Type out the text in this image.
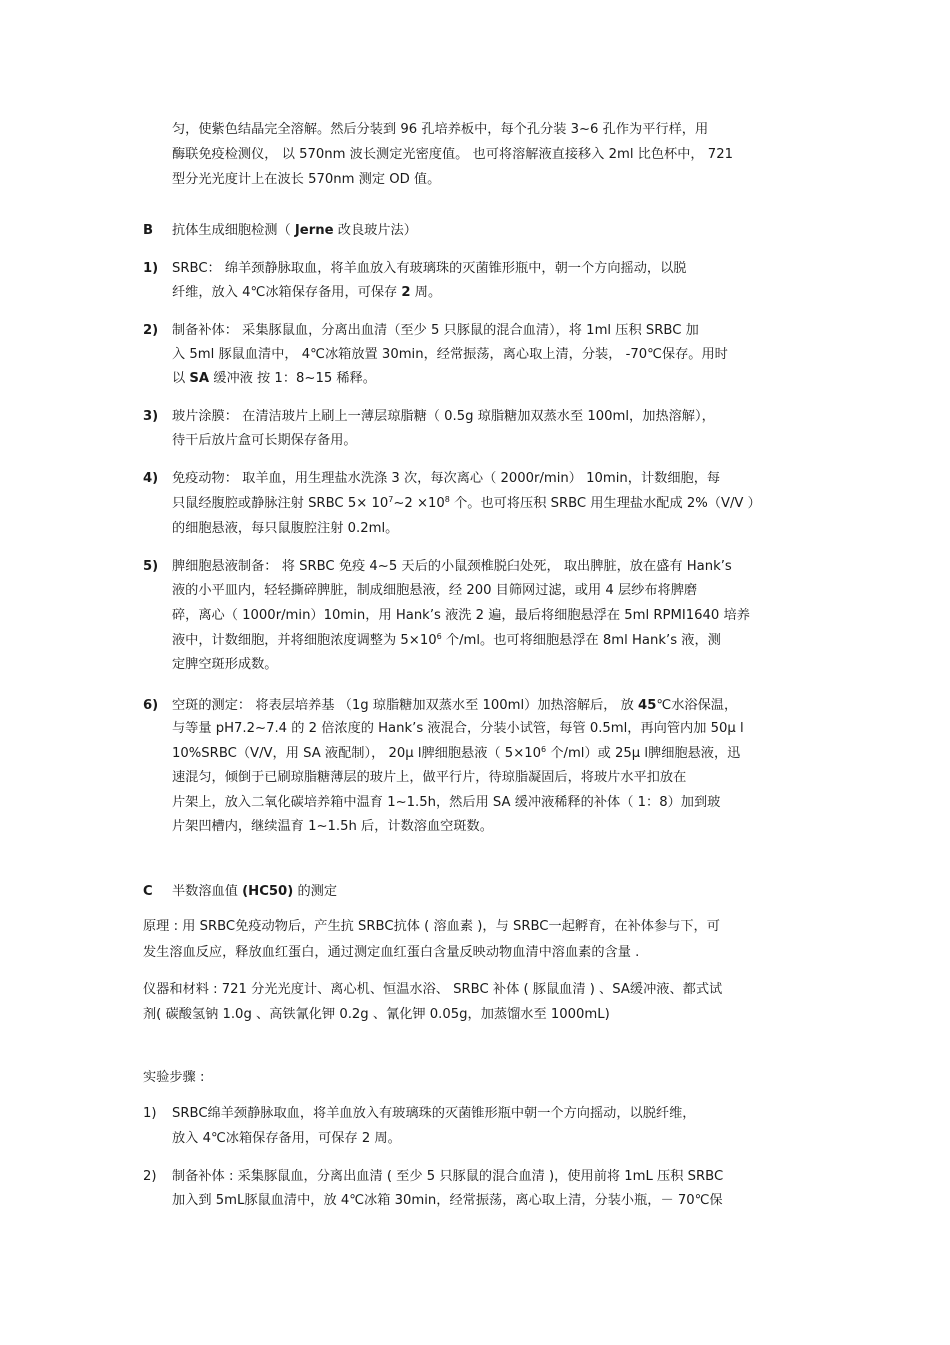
匀，使紫色结晶完全溶解。然后分装到 96 孔培养板中，每个孔分装 3~6 孔作为平行样，用
酶联免疫检测仪， 以 570nm 波长测定光密度值。 也可将溶解液直接移入 2ml 比色杯中， 721
型分光光度计上在波长 570nm 测定 OD 值。
B 抗体生成细胞检测（ Jerne 改良玻片法）
1) SRBC： 绵羊颈静脉取血，将羊血放入有玻璃珠的灭菌锥形瓶中，朝一个方向摇动，以脱
纤维，放入 4℃冰箱保存备用，可保存 2 周。
2) 制备补体： 采集豚鼠血，分离出血清（至少 5 只豚鼠的混合血清），将 1ml 压积 SRBC 加
入 5ml 豚鼠血清中， 4℃冰箱放置 30min，经常振荡，离心取上清，分装， -70℃保存。用时
以 SA 缓冲液 按 1：8~15 稀释。
3) 玻片涂膜： 在清洁玻片上刷上一薄层琼脂糖（ 0.5g 琼脂糖加双蒸水至 100ml，加热溶解），
待干后放片盒可长期保存备用。
4) 免疫动物： 取羊血，用生理盐水洗涤 3 次，每次离心（ 2000r/min） 10min，计数细胞，每
只鼠经腹腔或静脉注射 SRBC $5\times 10^7\sim 2 \times 10^8$ 个。也可将压积 SRBC 用生理盐水配成 2%（V/V ）
的细胞悬液，每只鼠腹腔注射 0.2ml。
5) 脾细胞悬液制备： 将 SRBC 免疫 4~5 天后的小鼠颈椎脱臼处死， 取出脾脏，放在盛有 Hank’s
液的小平皿内，轻轻撕碎脾脏，制成细胞悬液，经 200 目筛网过滤，或用 4 层纱布将脾磨
碎，离心（ 1000r/min）10min，用 Hank’s 液洗 2 遍，最后将细胞悬浮在 5ml RPMI1640 培养
液中，计数细胞，并将细胞浓度调整为 $5\times 10^6$ 个/ml。也可将细胞悬浮在 8ml Hank’s 液，测
定脾空斑形成数。
6) 空斑的测定： 将表层培养基 （1g 琼脂糖加双蒸水至 100ml）加热溶解后， 放 45℃水浴保温，
与等量 pH7.2~7.4 的 2 倍浓度的 Hank’s 液混合，分装小试管，每管 0.5ml，再向管内加 50μ l
10%SRBC（V/V，用 SA 液配制）， 20μ l脾细胞悬液（ $5\times 10^6$ 个/ml）或 25μ l脾细胞悬液，迅
速混匀，倾倒于已刷琼脂糖薄层的玻片上，做平行片，待琼脂凝固后，将玻片水平扣放在
片架上，放入二氧化碳培养箱中温育 1~1.5h，然后用 SA 缓冲液稀释的补体（ 1：8）加到玻
片架凹槽内，继续温育 1~1.5h 后，计数溶血空斑数。
C 半数溶血值 (HC50) 的测定
原理 : 用 SRBC免疫动物后，产生抗 SRBC抗体 ( 溶血素 )，与 SRBC一起孵育，在补体参与下，可
发生溶血反应，释放血红蛋白，通过测定血红蛋白含量反映动物血清中溶血素的含量 .
仪器和材料 : 721 分光光度计、离心机、恒温水浴、 SRBC 补体 ( 豚鼠血清 ) 、SA缓冲液、都式试
剂( 碳酸氢钠 1.0g 、高铁氰化钾 0.2g 、氰化钾 0.05g，加蒸馏水至 1000mL)
实验步骤 :
1) SRBC绵羊颈静脉取血，将羊血放入有玻璃珠的灭菌锥形瓶中朝一个方向摇动，以脱纤维，
放入 4℃冰箱保存备用，可保存 2 周。
2) 制备补体 : 采集豚鼠血，分离出血清 ( 至少 5 只豚鼠的混合血清 )，使用前将 1mL 压积 SRBC
加入到 5mL豚鼠血清中，放 4℃冰箱 30min，经常振荡，离心取上清，分装小瓶，－ 70℃保
